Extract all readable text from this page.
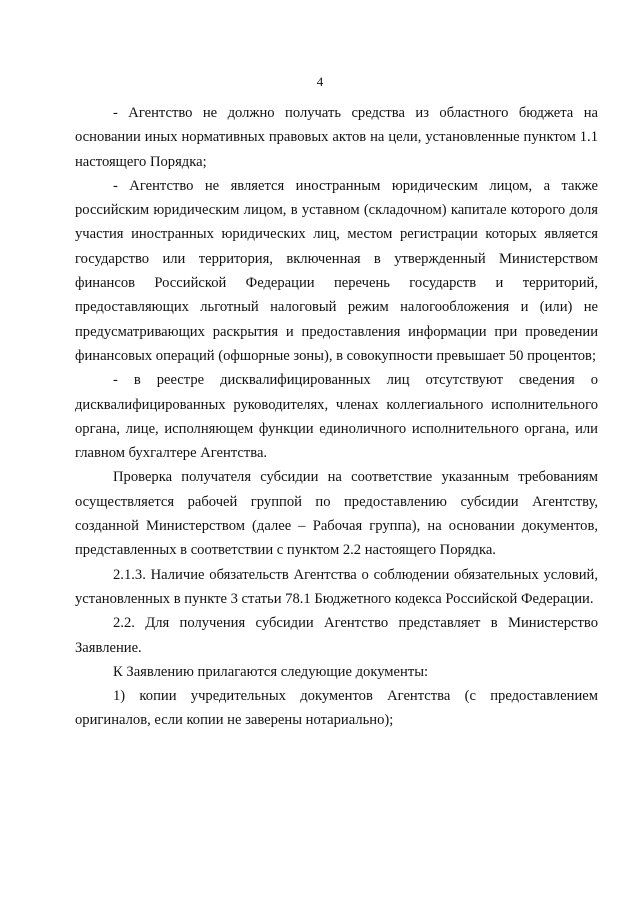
4

- Агентство не должно получать средства из областного бюджета на основании иных нормативных правовых актов на цели, установленные пунктом 1.1 настоящего Порядка;

- Агентство не является иностранным юридическим лицом, а также российским юридическим лицом, в уставном (складочном) капитале которого доля участия иностранных юридических лиц, местом регистрации которых является государство или территория, включенная в утвержденный Министерством финансов Российской Федерации перечень государств и территорий, предоставляющих льготный налоговый режим налогообложения и (или) не предусматривающих раскрытия и предоставления информации при проведении финансовых операций (офшорные зоны), в совокупности превышает 50 процентов;

- в реестре дисквалифицированных лиц отсутствуют сведения о дисквалифицированных руководителях, членах коллегиального исполнительного органа, лице, исполняющем функции единоличного исполнительного органа, или главном бухгалтере Агентства.

Проверка получателя субсидии на соответствие указанным требованиям осуществляется рабочей группой по предоставлению субсидии Агентству, созданной Министерством (далее – Рабочая группа), на основании документов, представленных в соответствии с пунктом 2.2 настоящего Порядка.

2.1.3. Наличие обязательств Агентства о соблюдении обязательных условий, установленных в пункте 3 статьи 78.1 Бюджетного кодекса Российской Федерации.

2.2. Для получения субсидии Агентство представляет в Министерство Заявление.

К Заявлению прилагаются следующие документы:

1) копии учредительных документов Агентства (с предоставлением оригиналов, если копии не заверены нотариально);
